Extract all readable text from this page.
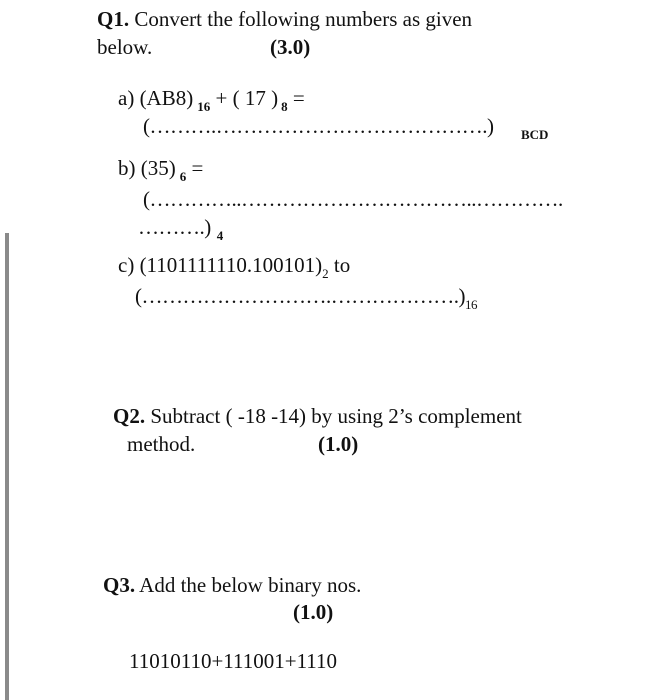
Q1. Convert the following numbers as given
below.	(3.0)
a) (AB8) $_{16}$ + ( 17 ) $_8$ =
(……….………………………………….) BCD
b) (35) $_6$ =
(…………..……………………………..………….
……….) $_4$
c) $(1101111110.100101)_2$ to
$(\dots\dots\dots\dots\dots\dots\dots\dots\dots.\dots\dots\dots\dots\dots\dots.)_{16}$
Q2. Subtract ( -18 -14) by using 2’s complement
method.	(1.0)
Q3. Add the below binary nos.
(1.0)
11010110+111001+1110
